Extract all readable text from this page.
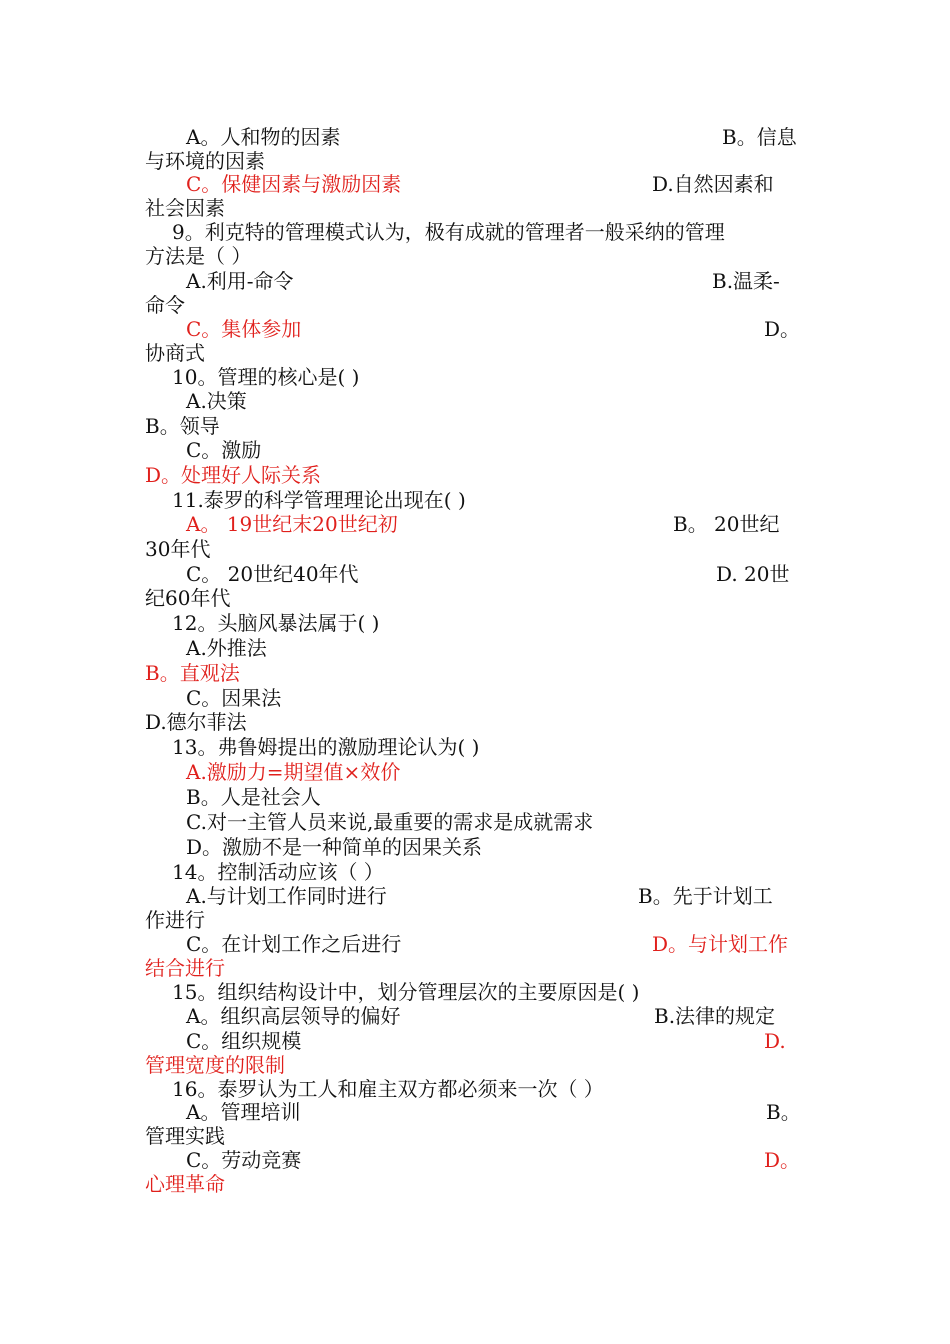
A。人和物的因素	B。信息
与环境的因素
C。保健因素与激励因素	D.自然因素和
社会因素
9。利克特的管理模式认为，极有成就的管理者一般采纳的管理
方法是（ ）
A.利用-命令	B.温柔-
命令
C。集体参加	D。
协商式
10。管理的核心是( )
A.决策
B。领导
C。激励
D。处理好人际关系
11.泰罗的科学管理理论出现在( )
A。 19世纪末20世纪初	B。 20世纪
30年代
C。 20世纪40年代	D. 20世
纪60年代
12。头脑风暴法属于( )
A.外推法
B。直观法
C。因果法
D.德尔菲法
13。弗鲁姆提出的激励理论认为( )
A.激励力=期望值×效价
B。人是社会人
C.对一主管人员来说,最重要的需求是成就需求
D。激励不是一种简单的因果关系
14。控制活动应该（ ）
A.与计划工作同时进行	B。先于计划工
作进行
C。在计划工作之后进行	D。与计划工作
结合进行
15。组织结构设计中，划分管理层次的主要原因是( )
A。组织高层领导的偏好	B.法律的规定
C。组织规模	D.
管理宽度的限制
16。泰罗认为工人和雇主双方都必须来一次（ ）
A。管理培训	B。
管理实践
C。劳动竞赛	D。
心理革命
